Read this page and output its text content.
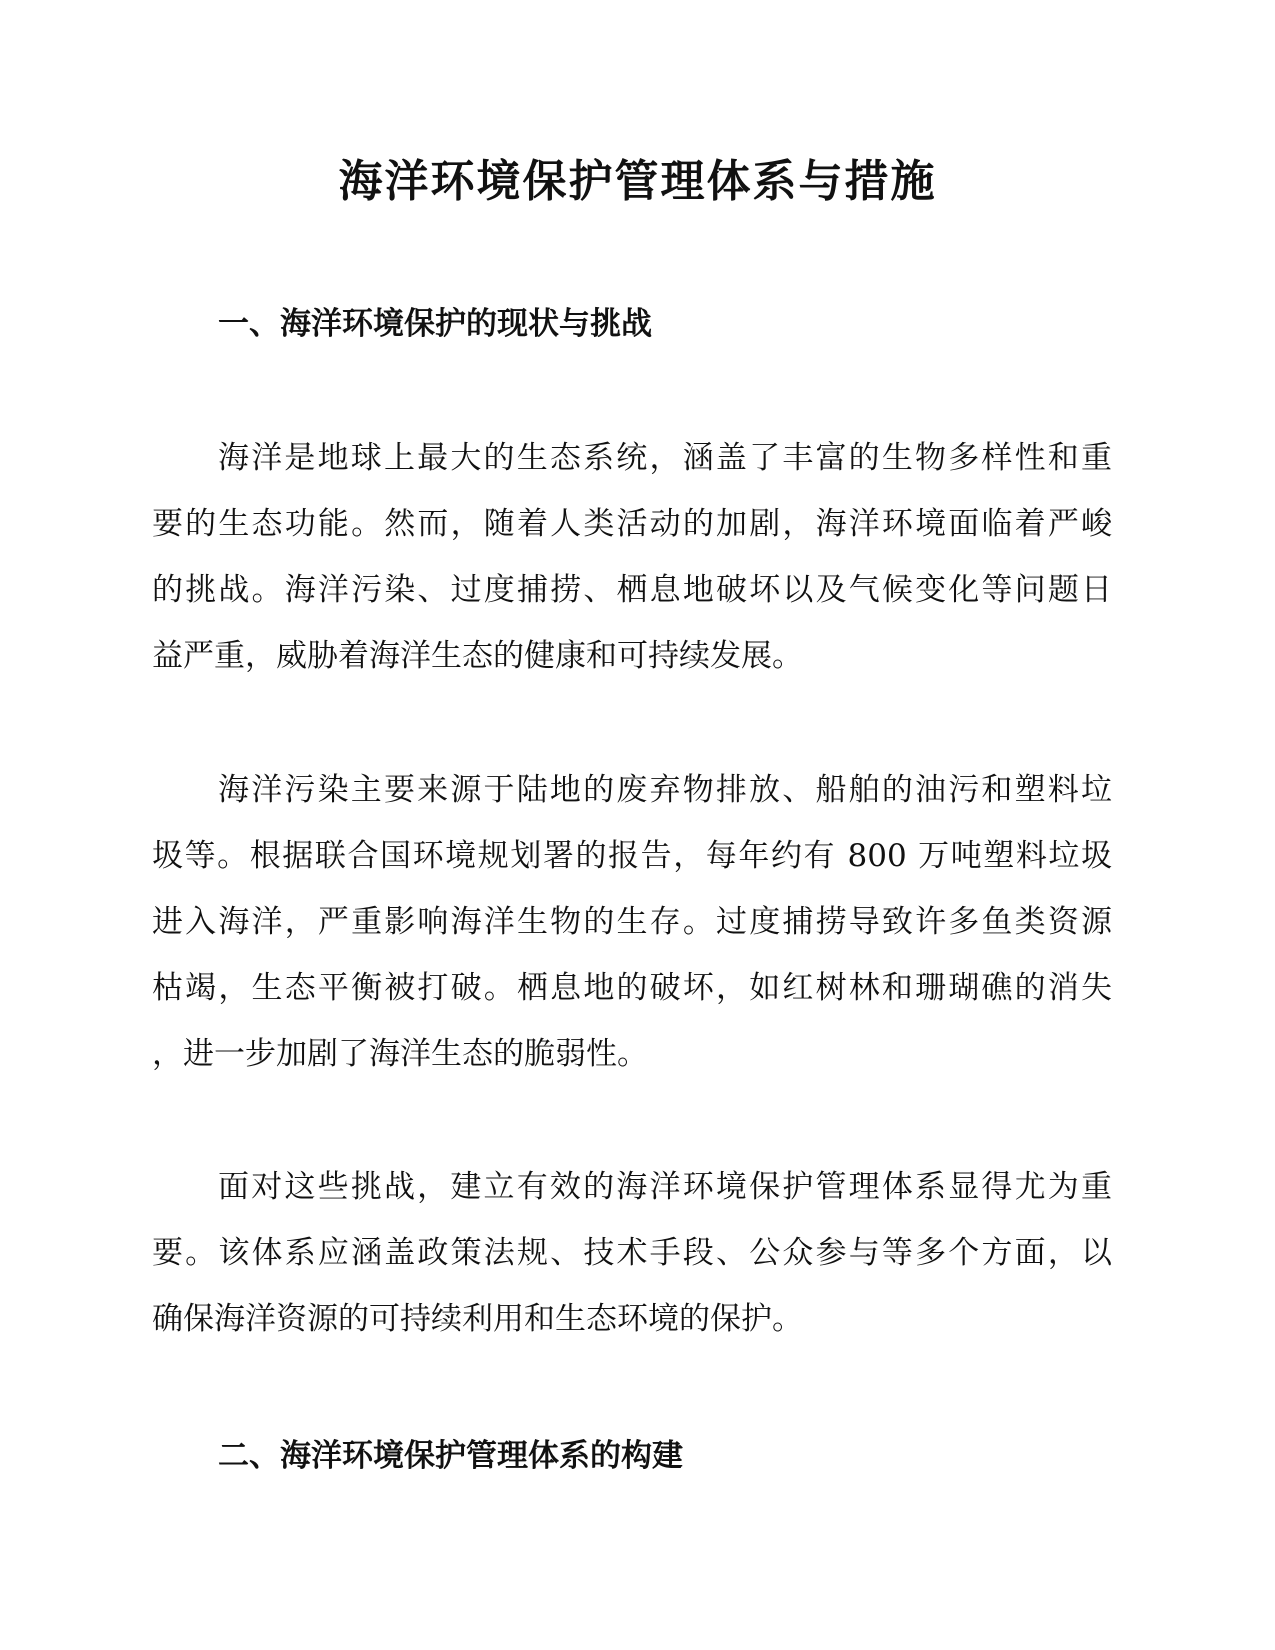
海洋环境保护管理体系与措施
一、海洋环境保护的现状与挑战

海洋是地球上最大的生态系统，涵盖了丰富的生物多样性和重
要的生态功能。然而，随着人类活动的加剧，海洋环境面临着严峻
的挑战。海洋污染、过度捕捞、栖息地破坏以及气候变化等问题日
益严重，威胁着海洋生态的健康和可持续发展。

海洋污染主要来源于陆地的废弃物排放、船舶的油污和塑料垃
圾等。根据联合国环境规划署的报告，每年约有 800 万吨塑料垃圾
进入海洋，严重影响海洋生物的生存。过度捕捞导致许多鱼类资源
枯竭，生态平衡被打破。栖息地的破坏，如红树林和珊瑚礁的消失
，进一步加剧了海洋生态的脆弱性。

面对这些挑战，建立有效的海洋环境保护管理体系显得尤为重
要。该体系应涵盖政策法规、技术手段、公众参与等多个方面，以
确保海洋资源的可持续利用和生态环境的保护。

二、海洋环境保护管理体系的构建
